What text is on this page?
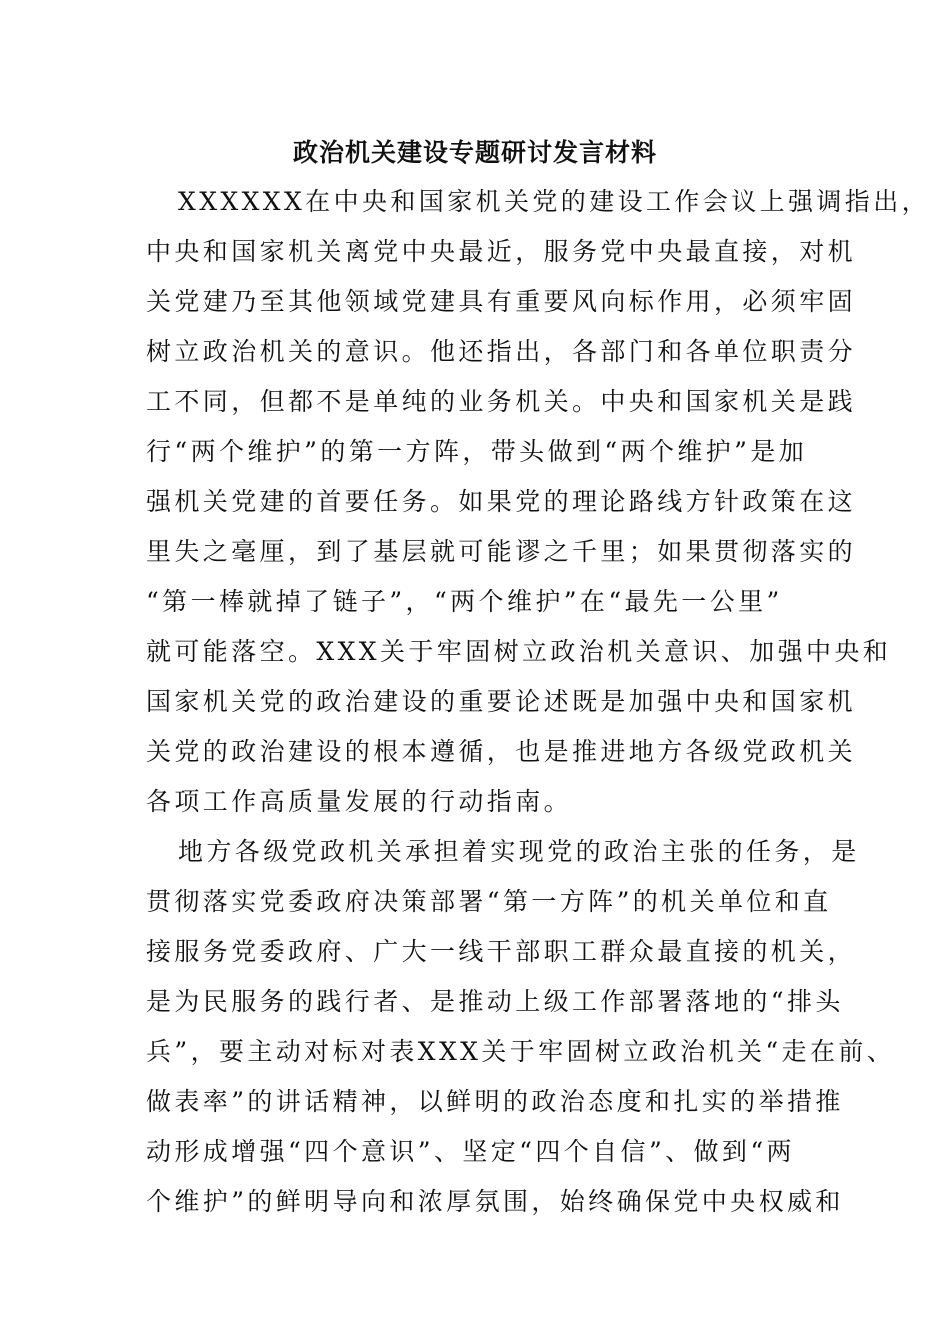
政治机关建设专题研讨发言材料
XXXXXX在中央和国家机关党的建设工作会议上强调指出，
中央和国家机关离党中央最近，服务党中央最直接，对机
关党建乃至其他领域党建具有重要风向标作用，必须牢固
树立政治机关的意识。他还指出，各部门和各单位职责分
工不同，但都不是单纯的业务机关。中央和国家机关是践
行“两个维护”的第一方阵，带头做到“两个维护”是加
强机关党建的首要任务。如果党的理论路线方针政策在这
里失之毫厘，到了基层就可能谬之千里；如果贯彻落实的
“第一棒就掉了链子”，“两个维护”在“最先一公里”
就可能落空。XXX关于牢固树立政治机关意识、加强中央和
国家机关党的政治建设的重要论述既是加强中央和国家机
关党的政治建设的根本遵循，也是推进地方各级党政机关
各项工作高质量发展的行动指南。
地方各级党政机关承担着实现党的政治主张的任务，是
贯彻落实党委政府决策部署“第一方阵”的机关单位和直
接服务党委政府、广大一线干部职工群众最直接的机关，
是为民服务的践行者、是推动上级工作部署落地的“排头
兵”，要主动对标对表XXX关于牢固树立政治机关“走在前、
做表率”的讲话精神，以鲜明的政治态度和扎实的举措推
动形成增强“四个意识”、坚定“四个自信”、做到“两
个维护”的鲜明导向和浓厚氛围，始终确保党中央权威和
